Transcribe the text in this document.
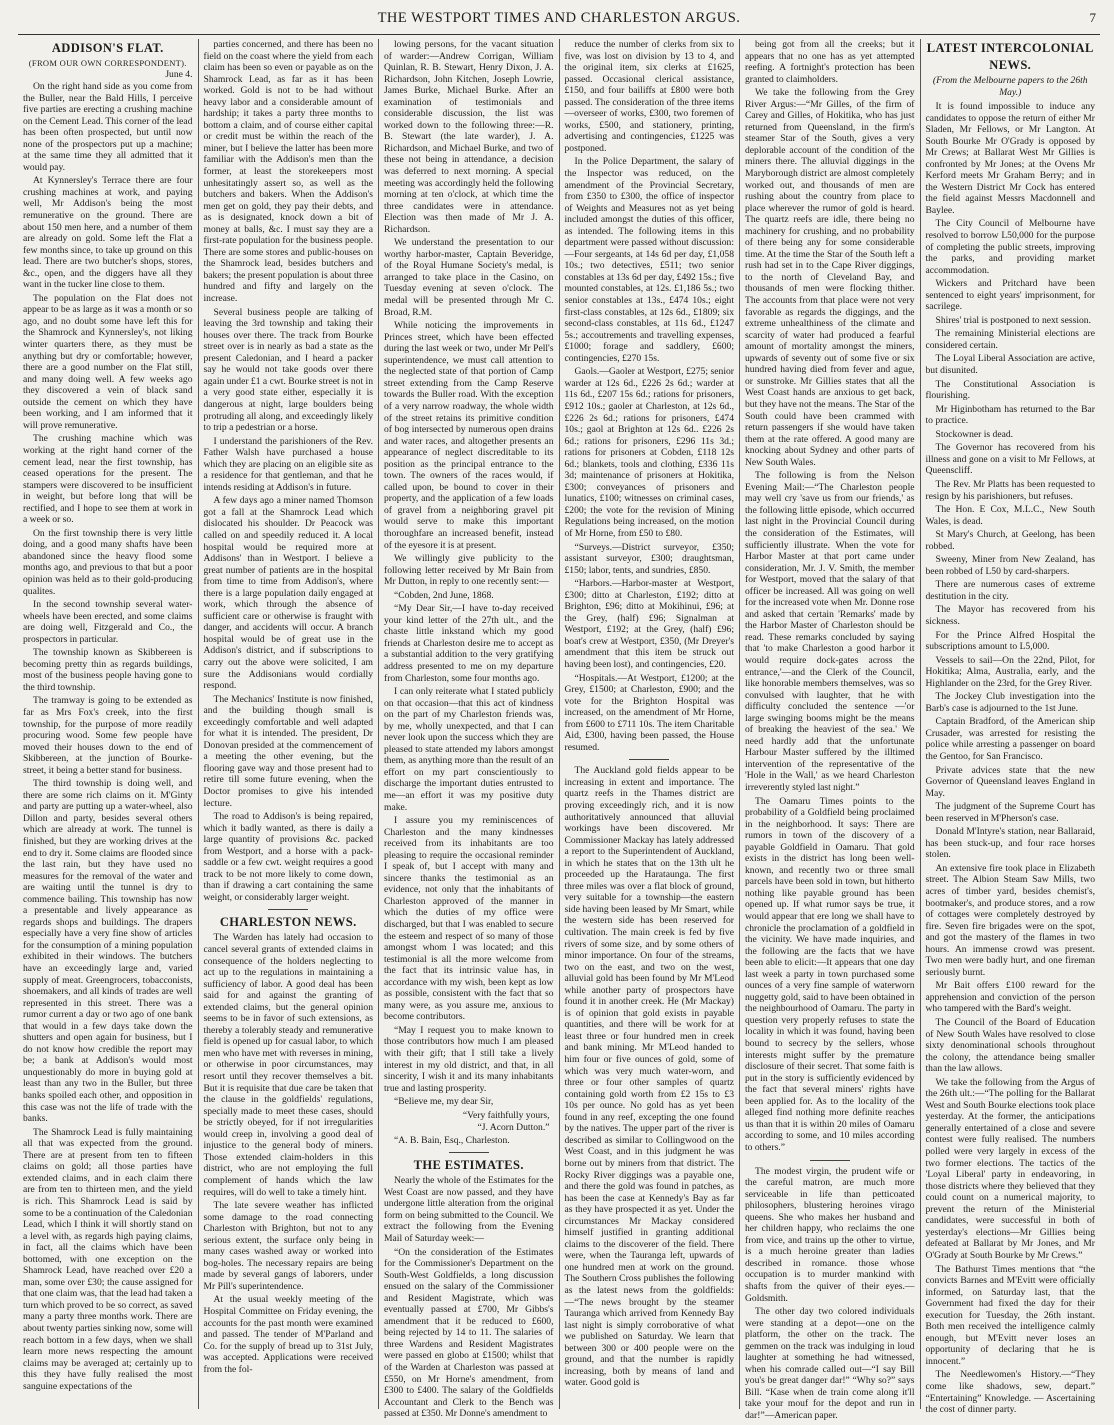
THE WESTPORT TIMES AND CHARLESTON ARGUS.	7
ADDISON'S FLAT.
(FROM OUR OWN CORRESPONDENT).
June 4.

On the right hand side as you come from the Buller, near the Bald Hills, I perceive five parties are erecting a crushing machine on the Cement Lead. This corner of the lead has been often prospected, but until now none of the prospectors put up a machine; at the same time they all admitted that it would pay.

At Kynnersley's Terrace there are four crushing machines at work, and paying well, Mr Addison's being the most remunerative on the ground. There are about 150 men here, and a number of them are already on gold. Some left the Flat a few months since, to take up ground on this lead. There are two butcher's shops, stores, &c., open, and the diggers have all they want in the tucker line close to them.

The population on the Flat does not appear to be as large as it was a month or so ago, and no doubt some have left this for the Shamrock and Kynnersley's, not liking winter quarters there, as they must be anything but dry or comfortable; however, there are a good number on the Flat still, and many doing well. A few weeks ago they discovered a vein of black sand outside the cement on which they have been working, and I am informed that it will prove remunerative.

The crushing machine which was working at the right hand corner of the cement lead, near the first township, has ceased operations for the present. The stampers were discovered to be insufficient in weight, but before long that will be rectified, and I hope to see them at work in a week or so.

On the first township there is very little doing, and a good many shafts have been abandoned since the heavy flood some months ago, and previous to that but a poor opinion was held as to their gold-producing qualites.

In the second township several water-wheels have been erected, and some claims are doing well, Fitzgerald and Co., the prospectors in particular.

The township known as Skibbereen is becoming pretty thin as regards buildings, most of the business people having gone to the third township.

The tramway is going to be extended as far as Mrs Fox's creek, into the first township, for the purpose of more readily procuring wood. Some few people have moved their houses down to the end of Skibbereen, at the junction of Bourke-street, it being a better stand for business.

The third township is doing well, and there are some rich claims on it. M'Ginty and party are putting up a water-wheel, also Dillon and party, besides several others which are already at work. The tunnel is finished, but they are working drives at the end to dry it. Some claims are flooded since the last rain, but they have used no measures for the removal of the water and are waiting until the tunnel is dry to commence bailing. This township has now a presentable and lively appearance as regards shops and buildings. The drapers especially have a very fine show of articles for the consumption of a mining population exhibited in their windows. The butchers have an exceedingly large and, varied supply of meat. Greengrocers, tobacconists, shoemakers, and all kinds of trades are well represented in this street. There was a rumor current a day or two ago of one bank that would in a few days take down the shutters and open again for business, but I do not know how credible the report may be; a bank at Addison's would most unquestionably do more in buying gold at least than any two in the Buller, but three banks spoiled each other, and opposition in this case was not the life of trade with the banks.

The Shamrock Lead is fully maintaining all that was expected from the ground. There are at present from ten to fifteen claims on gold; all those parties have extended claims, and in each claim there are from ten to thirteen men, and the yield is rich. This Shamrock Lead is said by some to be a continuation of the Caledonian Lead, which I think it will shortly stand on a level with, as regards high paying claims, in fact, all the claims which have been bottomed, with one exception on the Shamrock Lead, have reached over £20 a man, some over £30; the cause assigned for that one claim was, that the lead had taken a turn which proved to be so correct, as saved many a party three months work. There are about twenty parties sinking now, some will reach bottom in a few days, when we shall learn more news respecting the amount claims may be averaged at; certainly up to this they have fully realised the most sanguine expectations of the

parties concerned, and there has been no field on the coast where the yield from each claim has been so even or payable as on the Shamrock Lead, as far as it has been worked. Gold is not to be had without heavy labor and a considerable amount of hardship; it takes a party three months to bottom a claim, and of course either capital or credit must be within the reach of the miner, but I believe the latter has been more familiar with the Addison's men than the former, at least the storekeepers most unhesitatingly assert so, as well as the butchers and bakers. When the Addison's men get on gold, they pay their debts, and as is designated, knock down a bit of money at balls, &c. I must say they are a first-rate population for the business people. There are some stores and public-houses on the Shamrock lead, besides butchers and bakers; the present population is about three hundred and fifty and largely on the increase.

Several business people are talking of leaving the 3rd township and taking their houses over there. The track from Bourke street over is in nearly as bad a state as the present Caledonian, and I heard a packer say he would not take goods over there again under £1 a cwt. Bourke street is not in a very good state either, especially it is dangerous at night, large boulders being protruding all along, and exceedingly likely to trip a pedestrian or a horse.

I understand the parishioners of the Rev. Father Walsh have purchased a house which they are placing on an eligible site as a residence for that gentleman, and that he intends residing at Addison's in future.

A few days ago a miner named Thomson got a fall at the Shamrock Lead which dislocated his shoulder. Dr Peacock was called on and speedily reduced it. A local hospital would be required more at Addisons' than in Westport. I believe a great number of patients are in the hospital from time to time from Addison's, where there is a large population daily engaged at work, which through the absence of sufficient care or otherwise is fraught with danger, and accidents will occur. A branch hospital would be of great use in the Addison's district, and if subscriptions to carry out the above were solicited, I am sure the Addisonians would cordially respond.

The Mechanics' Institute is now finished, and the building though small is exceedingly comfortable and well adapted for what it is intended. The president, Dr Donovan presided at the commencement of a meeting the other evening, but the flooring gave way and those present had to retire till some future evening, when the Doctor promises to give his intended lecture.

The road to Addison's is being repaired, which it badly wanted, as there is daily a large quantity of provisions &c. packed from Westport, and a horse with a pack-saddle or a few cwt. weight requires a good track to be not more likely to come down, than if drawing a cart containing the same weight, or considerably larger weight.

CHARLESTON NEWS.

The Warden has lately had occasion to cancel several grants of extended claims in consequence of the holders neglecting to act up to the regulations in maintaining a sufficiency of labor. A good deal has been said for and against the granting of extended claims, but the general opinion seems to be in favor of such extensions, as thereby a tolerably steady and remunerative field is opened up for casual labor, to which men who have met with reverses in mining, or otherwise in poor circumstances, may resort until they recover themselves a bit. But it is requisite that due care be taken that the clause in the goldfields' regulations, specially made to meet these cases, should be strictly obeyed, for if not irregularities would creep in, involving a good deal of injustice to the general body of miners. Those extended claim-holders in this district, who are not employing the full complement of hands which the law requires, will do well to take a timely hint.

The late severe weather has inflicted some damage to the road connecting Charleston with Brighton, but not to any serious extent, the surface only being in many cases washed away or worked into bog-holes. The necessary repairs are being made by several gangs of laborers, under Mr Pill's superintendence.

At the usual weekly meeting of the Hospital Committee on Friday evening, the accounts for the past month were examined and passed. The tender of M'Parland and Co. for the supply of bread up to 31st July, was accepted. Applications were received from the fol-

lowing persons, for the vacant situation of warder:—Andrew Corrigan, William Quinlan, R. B. Stewart, Henry Dixon, J. A. Richardson, John Kitchen, Joseph Lowrie, James Burke, Michael Burke. After an examination of testimonials and considerable discussion, the list was worked down to the following three:—R. B. Stewart (the late warder), J. A. Richardson, and Michael Burke, and two of these not being in attendance, a decision was deferred to next morning. A special meeting was accordingly held the following morning at ten o'clock, at which time the three candidates were in attendance. Election was then made of Mr J. A. Richardson.

We understand the presentation to our worthy harbor-master, Captain Beveridge, of the Royal Humane Society's medal, is arranged to take place in the Casino, on Tuesday evening at seven o'clock. The medal will be presented through Mr C. Broad, R.M.

While noticing the improvements in Princes street, which have been effected during the last week or two, under Mr Pell's superintendence, we must call attention to the neglected state of that portion of Camp street extending from the Camp Reserve towards the Buller road. With the exception of a very narrow roadway, the whole width of the street retains its primitive condition of bog intersected by numerous open drains and water races, and altogether presents an appearance of neglect discreditable to its position as the principal entrance to the town. The owners of the races would, if called upon, be bound to cover in their property, and the application of a few loads of gravel from a neighboring gravel pit would serve to make this important thoroughfare an increased benefit, instead of the eyesore it is at present.

We willingly give publicity to the following letter received by Mr Bain from Mr Dutton, in reply to one recently sent:—

“Cobden, 2nd June, 1868.

“My Dear Sir,—I have to-day received your kind letter of the 27th ult., and the chaste little inkstand which my good friends at Charleston desire me to accept as a substantial addition to the very gratifying address presented to me on my departure from Charleston, some four months ago.

I can only reiterate what I stated publicly on that occasion—that this act of kindness on the part of my Charleston friends was, by me, wholly unexpected, and that I can never look upon the success which they are pleased to state attended my labors amongst them, as anything more than the result of an effort on my part conscientiously to discharge the important duties entrusted to me—an effort it was my positive duty make.

I assure you my reminiscences of Charleston and the many kindnesses received from its inhabitants are too pleasing to require the occasional reminder I speak of, but I accept with many and sincere thanks the testimonial as an evidence, not only that the inhabitants of Charleston approved of the manner in which the duties of my office were discharged, but that I was enabled to secure the esteem and respect of so many of those amongst whom I was located; and this testimonial is all the more welcome from the fact that its intrinsic value has, in accordance with my wish, been kept as low as possible, consistent with the fact that so many were, as you assure me, anxious to become contributors.

“May I request you to make known to those contributors how much I am pleased with their gift; that I still take a lively interest in my old district, and that, in all sincerity, I wish it and its many inhabitants true and lasting prosperity.

“Believe me, my dear Sir,

“Very faithfully yours,
“J. Acorn Dutton.”
“A. B. Bain, Esq., Charleston.
THE ESTIMATES.

Nearly the whole of the Estimates for the West Coast are now passed, and they have undergone little alteration from the original form on being submitted to the Council. We extract the following from the Evening Mail of Saturday week:—

“On the consideration of the Estimates for the Commissioner's Department on the South-West Goldfields, a long discussion ensued on the salary of the Commissioner and Resident Magistrate, which was eventually passed at £700, Mr Gibbs's amendment that it be reduced to £600, being rejected by 14 to 11. The salaries of three Wardens and Resident Magistrates were passed en globo at £1500; whilst that of the Warden at Charleston was passed at £550, on Mr Horne's amendment, from £300 to £400. The salary of the Goldfields Accountant and Clerk to the Bench was passed at £350. Mr Donne's amendment to

reduce the number of clerks from six to five, was lost on division by 13 to 4, and the original item, six clerks at £1625, passed. Occasional clerical assistance, £150, and four bailiffs at £800 were both passed. The consideration of the three items—overseer of works, £300, two foremen of works, £500, and stationery, printing, advertising and contingencies, £1225 was postponed.

In the Police Department, the salary of the Inspector was reduced, on the amendment of the Provincial Secretary, from £350 to £300, the office of inspector of Weights and Measures not as yet being included amongst the duties of this officer, as intended. The following items in this department were passed without discussion:—Four sergeants, at 14s 6d per day, £1,058 10s.; two detectives, £511; two senior constables at 13s 6d per day, £492 15s.; five mounted constables, at 12s. £1,186 5s.; two senior constables at 13s., £474 10s.; eight first-class constables, at 12s 6d., £1809; six second-class constables, at 11s 6d., £1247 5s.; accoutrements and travelling expenses, £1000; forage and saddlery, £600; contingencies, £270 15s.

Gaols.—Gaoler at Westport, £275; senior warder at 12s 6d., £226 2s 6d.; warder at 11s 6d., £207 15s 6d.; rations for prisoners, £912 10s.; gaoler at Charleston, at 12s 6d., £226 2s 6d.; rations for prisoners, £474 10s.; gaol at Brighton at 12s 6d.. £226 2s 6d.; rations for prisoners, £296 11s 3d.; rations for prisoners at Cobden, £118 12s 6d.; blankets, tools and clothing, £336 11s 3d; maintenance of prisoners at Hokitika, £300; conveyances of prisoners and lunatics, £100; witnesses on criminal cases, £200; the vote for the revision of Mining Regulations being increased, on the motion of Mr Horne, from £50 to £80.

“Surveys.—District surveyor, £350; assistant surveyor, £300; draughtsman, £150; labor, tents, and sundries, £850.

“Harbors.—Harbor-master at Westport, £300; ditto at Charleston, £192; ditto at Brighton, £96; ditto at Mokihinui, £96; at the Grey, (half) £96; Signalman at Westport, £192; at the Grey, (half) £96; boat's crew at Westport, £350, (Mr Dreyer's amendment that this item be struck out having been lost), and contingencies, £20.

“Hospitals.—At Westport, £1200; at the Grey, £1500; at Charleston, £900; and the vote for the Brighton Hospital was increased, on the amendment of Mr Horne, from £600 to £711 10s. The item Charitable Aid, £300, having been passed, the House resumed.

The Auckland gold fields appear to be increasing in extent and importance. The quartz reefs in the Thames district are proving exceedingly rich, and it is now authoritatively announced that alluvial workings have been discovered. Mr Commissioner Mackay has lately addressed a report to the Superintendent of Auckland, in which he states that on the 13th ult he proceeded up the Harataunga. The first three miles was over a flat block of ground, very suitable for a township—the eastern side having been leased by Mr Smart, while the western side has been reserved for cultivation. The main creek is fed by five rivers of some size, and by some others of minor importance. On four of the streams, two on the east, and two on the west, alluvial gold has been found by Mr M'Leod while another party of prospectors have found it in another creek. He (Mr Mackay) is of opinion that gold exists in payable quantities, and there will be work for at least three or four hundred men in creek and bank mining. Mr M'Leod handed to him four or five ounces of gold, some of which was very much water-worn, and three or four other samples of quartz containing gold worth from £2 15s to £3 10s per ounce. No gold has as yet been found in any reef, excepting the one found by the natives. The upper part of the river is described as similar to Collingwood on the West Coast, and in this judgment he was borne out by miners from that district. The Rocky River diggings was a payable one, and there the gold was found in patches, as has been the case at Kennedy's Bay as far as they have prospected it as yet. Under the circumstances Mr Mackay considered himself justified in granting additional claims to the discoverer of the field. There were, when the Tauranga left, upwards of one hundred men at work on the ground. The Southern Cross publishes the following as the latest news from the goldfields:—“The news brought by the steamer Tauranga which arrived from Kennedy Bay last night is simply corroborative of what we published on Saturday. We learn that between 300 or 400 people were on the ground, and that the number is rapidly increasing, both by means of land and water. Good gold is

being got from all the creeks; but it appears that no one has as yet attempted reefing. A fortnight's protection has been granted to claimholders.

We take the following from the Grey River Argus:—“Mr Gilles, of the firm of Carey and Gilles, of Hokitika, who has just returned from Queensland, in the firm's steamer Star of the South, gives a very deplorable account of the condition of the miners there. The alluvial diggings in the Maryborough district are almost completely worked out, and thousands of men are rushing about the country from place to place wherever the rumor of gold is heard. The quartz reefs are idle, there being no machinery for crushing, and no probability of there being any for some considerable time. At the time the Star of the South left a rush had set in to the Cape River diggings, to the north of Cleveland Bay, and thousands of men were flocking thither. The accounts from that place were not very favorable as regards the diggings, and the extreme unhealthiness of the climate and scarcity of water had produced a fearful amount of mortality amongst the miners, upwards of seventy out of some five or six hundred having died from fever and ague, or sunstroke. Mr Gillies states that all the West Coast hands are anxious to get back, but they have not the means. The Star of the South could have been crammed with return passengers if she would have taken them at the rate offered. A good many are knocking about Sydney and other parts of New South Wales.

The following is from the Nelson Evening Mail:—“The Charleston people may well cry 'save us from our friends,' as the following little episode, which occurred last night in the Provincial Council during the consideration of the Estimates, will sufficiently illustrate. When the vote for Harbor Master at that port came under consideration, Mr. J. V. Smith, the member for Westport, moved that the salary of that officer be increased. All was going on well for the increased vote when Mr. Donne rose and asked that certain 'Remarks' made by the Harbor Master of Charleston should be read. These remarks concluded by saying that 'to make Charleston a good harbor it would require dock-gates across the entrance,'—and the Clerk of the Council, like honorable members themselves, was so convulsed with laughter, that he with difficulty concluded the sentence —'or large swinging booms might be the means of breaking the heaviest of the sea.' We need hardly add that the unfortunate Harbour Master suffered by the illtimed intervention of the representative of the 'Hole in the Wall,' as we heard Charleston irreverently styled last night.”

The Oamaru Times points to the probability of a Goldfield being proclaimed in the neighborhood. It says: There are rumors in town of the discovery of a payable Goldfield in Oamaru. That gold exists in the district has long been well-known, and recently two or three small parcels have been sold in town, but hitherto nothing like payable ground has been opened up. If what rumor says be true, it would appear that ere long we shall have to chronicle the proclamation of a goldfield in the vicinity. We have made inquiries, and the following are the facts that we have been able to elicit:—It appears that one day last week a party in town purchased some ounces of a very fine sample of waterworn nuggetty gold, said to have been obtained in the neighbourhood of Oamaru. The party in question very properly refuses to state the locality in which it was found, having been bound to secrecy by the sellers, whose interests might suffer by the premature disclosure of their secret. That some faith is put in the story is sufficiently evidenced by the fact that several miners' rights have been applied for. As to the locality of the alleged find nothing more definite reaches us than that it is within 20 miles of Oamaru according to some, and 10 miles according to others.”

The modest virgin, the prudent wife or the careful matron, are much more serviceable in life than petticoated philosophers, blustering heroines virago queens. She who makes her husband and her children happy, who reclaims the one from vice, and trains up the other to virtue, is a much heroine greater than ladies described in romance. those whose occupation is to murder mankind with shafts from the quiver of their eyes.—Goldsmith.

The other day two colored individuals were standing at a depot—one on the platform, the other on the track. The gemmen on the track was indulging in loud laughter at something he had witnessed, when his comrade called out—“I say Bill you's be great danger dar!” “Why so?” says Bill. “Kase when de train come along it'll take your mouf for the depot and run in dar!”—American paper.

LATEST INTERCOLONIAL
NEWS.
(From the Melbourne papers to the 26th May.)

It is found impossible to induce any candidates to oppose the return of either Mr Sladen, Mr Fellows, or Mr Langton. At South Bourke Mr O'Grady is opposed by Mr Crews; at Ballarat West Mr Gillies is confronted by Mr Jones; at the Ovens Mr Kerford meets Mr Graham Berry; and in the Western District Mr Cock has entered the field against Messrs Macdonnell and Baylee.

The City Council of Melbourne have resolved to borrow L50,000 for the purpose of completing the public streets, improving the parks, and providing market accommodation.

Wickers and Pritchard have been sentenced to eight years' imprisonment, for sacrilege.

Shires' trial is postponed to next session.

The remaining Ministerial elections are considered certain.

The Loyal Liberal Association are active, but disunited.

The Constitutional Association is flourishing.

Mr Higinbotham has returned to the Bar to practice.

Stockowner is dead.

The Governor has recovered from his illness and gone on a visit to Mr Fellows, at Queenscliff.

The Rev. Mr Platts has been requested to resign by his parishioners, but refuses.

The Hon. E Cox, M.L.C., New South Wales, is dead.

St Mary's Church, at Geelong, has been robbed.

Sweeny, Miner from New Zealand, has been robbed of L50 by card-sharpers.

There are numerous cases of extreme destitution in the city.

The Mayor has recovered from his sickness.

For the Prince Alfred Hospital the subscriptions amount to L5,000.

Vessels to sail—On the 22nd, Pilot, for Hokitika; Alma, Australia, early, and the Highlander on the 23rd, for the Grey River.

The Jockey Club investigation into the Barb's case is adjourned to the 1st June.

Captain Bradford, of the American ship Crusader, was arrested for resisting the police while arresting a passenger on board the Gentoo, for San Francisco.

Private advices state that the new Governor of Queensland leaves England in May.

The judgment of the Supreme Court has been reserved in M'Pherson's case.

Donald M'Intyre's station, near Ballaraid, has been stuck-up, and four race horses stolen.

An extensive fire took place in Elizabeth street. The Albion Steam Saw Mills, two acres of timber yard, besides chemist's, bootmaker's, and produce stores, and a row of cottages were completely destroyed by fire. Seven fire brigades were on the spot, and got the mastery of the flames in two hours. An immense crowd was present. Two men were badly hurt, and one fireman seriously burnt.

Mr Bait offers £100 reward for the apprehension and conviction of the person who tampered with the Bard's weight.

The Council of the Board of Education of New South Wales have resolved to close sixty denominational schools throughout the colony, the attendance being smaller than the law allows.

We take the following from the Argus of the 26th ult.:—“The polling for the Ballarat West and South Bourke elections took place yesterday. At the former, the anticipations generally entertained of a close and severe contest were fully realised. The numbers polled were very largely in excess of the two former elections. The tactics of the 'Loyal Liberal' party in endeavoring, in those districts where they believed that they could count on a numerical majority, to prevent the return of the Ministerial candidates, were successful in both of yesterday's elections—Mr Gillies being defeated at Ballarat by Mr Jones, and Mr O'Grady at South Bourke by Mr Crews.”

The Bathurst Times mentions that “the convicts Barnes and M'Evitt were officially informed, on Saturday last, that the Government had fixed the day for their execution for Tuesday, the 26th instant. Both men received the intelligence calmly enough, but M'Evitt never loses an opportunity of declaring that he is innocent.”

The Needlewomen's History.—“They come like shadows, sew, depart.” “Entertaining” Knowledge. — Ascertaining the cost of dinner party.
